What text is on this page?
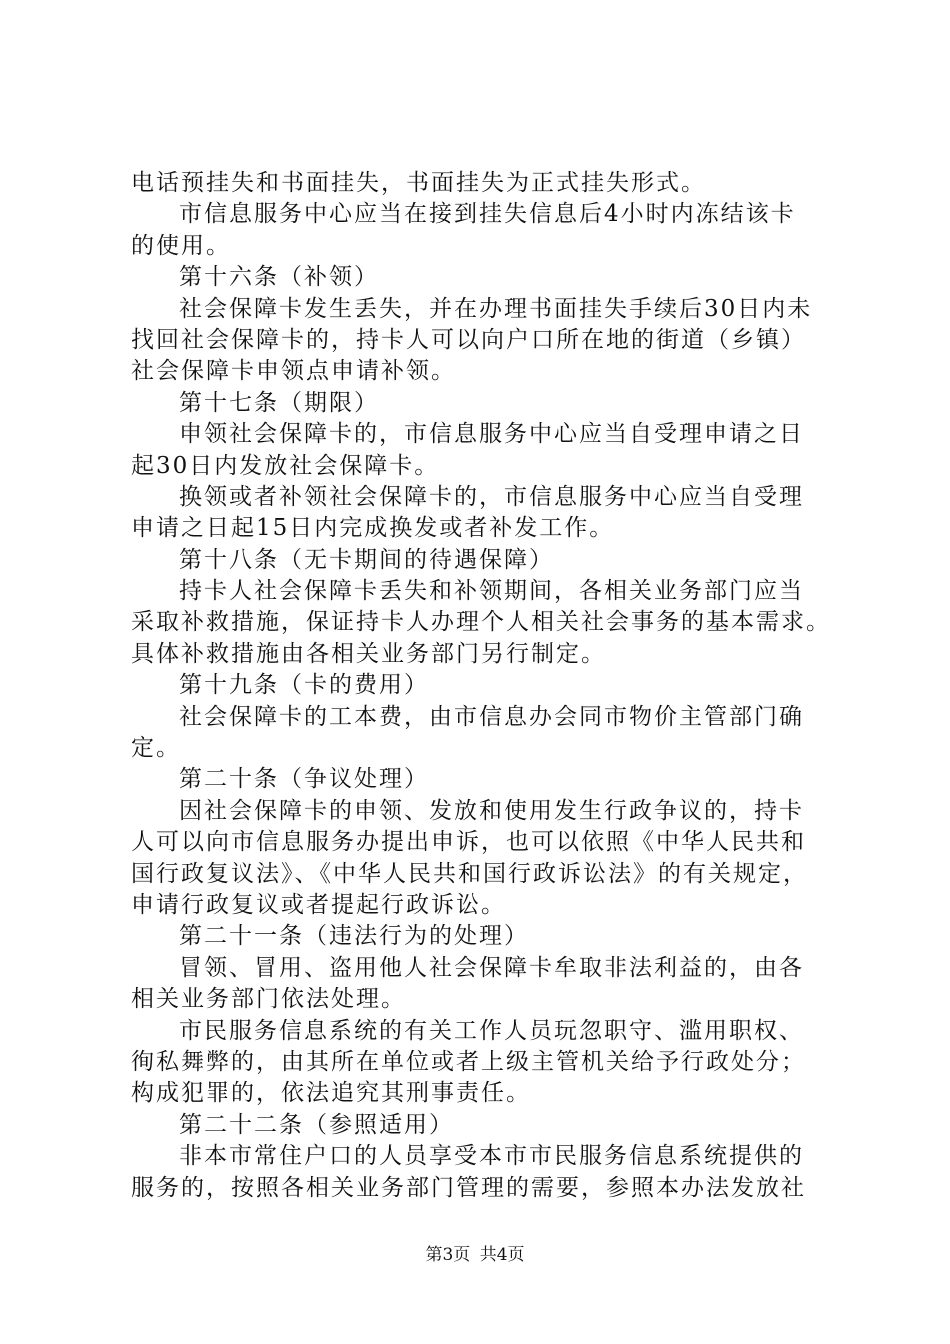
电话预挂失和书面挂失，书面挂失为正式挂失形式。
市信息服务中心应当在接到挂失信息后4小时内冻结该卡
的使用。
第十六条（补领）
社会保障卡发生丢失，并在办理书面挂失手续后30日内未
找回社会保障卡的，持卡人可以向户口所在地的街道（乡镇）
社会保障卡申领点申请补领。
第十七条（期限）
申领社会保障卡的，市信息服务中心应当自受理申请之日
起30日内发放社会保障卡。
换领或者补领社会保障卡的，市信息服务中心应当自受理
申请之日起15日内完成换发或者补发工作。
第十八条（无卡期间的待遇保障）
持卡人社会保障卡丢失和补领期间，各相关业务部门应当
采取补救措施，保证持卡人办理个人相关社会事务的基本需求。
具体补救措施由各相关业务部门另行制定。
第十九条（卡的费用）
社会保障卡的工本费，由市信息办会同市物价主管部门确
定。
第二十条（争议处理）
因社会保障卡的申领、发放和使用发生行政争议的，持卡
人可以向市信息服务办提出申诉，也可以依照《中华人民共和
国行政复议法》、《中华人民共和国行政诉讼法》的有关规定，
申请行政复议或者提起行政诉讼。
第二十一条（违法行为的处理）
冒领、冒用、盗用他人社会保障卡牟取非法利益的，由各
相关业务部门依法处理。
市民服务信息系统的有关工作人员玩忽职守、滥用职权、
徇私舞弊的，由其所在单位或者上级主管机关给予行政处分；
构成犯罪的，依法追究其刑事责任。
第二十二条（参照适用）
非本市常住户口的人员享受本市市民服务信息系统提供的
服务的，按照各相关业务部门管理的需要，参照本办法发放社
第3页 共4页
